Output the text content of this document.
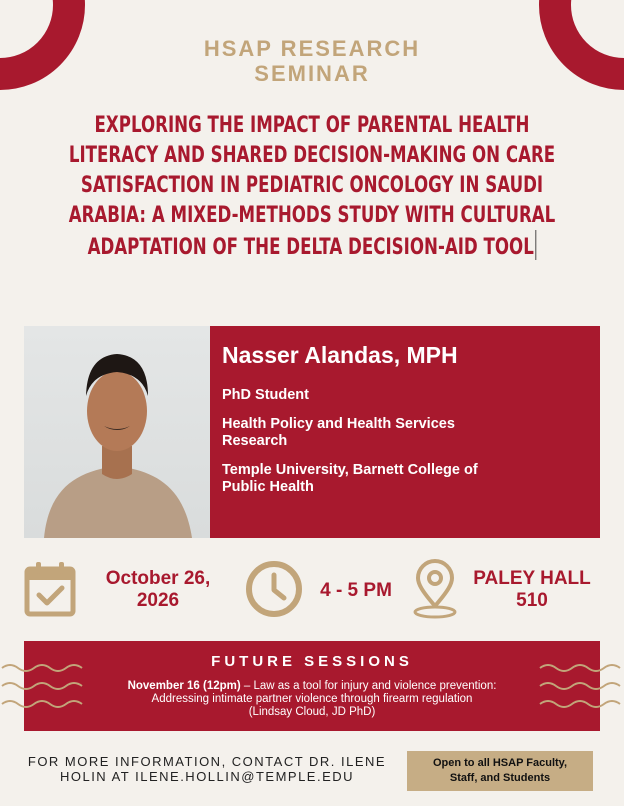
HSAP RESEARCH
SEMINAR
EXPLORING THE IMPACT OF PARENTAL HEALTH
LITERACY AND SHARED DECISION-MAKING ON CARE
SATISFACTION IN PEDIATRIC ONCOLOGY IN SAUDI
ARABIA: A MIXED-METHODS STUDY WITH CULTURAL
ADAPTATION OF THE DELTA DECISION-AID TOOL
Nasser Alandas, MPH
PhD Student
Health Policy and Health Services
Research
Temple University, Barnett College of
Public Health
October 26,
2026	4 - 5 PM
PALEY HALL
510
FUTURE SESSIONS
November 16 (12pm) – Law as a tool for injury and violence prevention:
Addressing intimate partner violence through firearm regulation
(Lindsay Cloud, JD PhD)
FOR MORE INFORMATION, CONTACT DR. ILENE
HOLIN AT ILENE.HOLLIN@TEMPLE.EDU
Open to all HSAP Faculty,
Staff, and Students
